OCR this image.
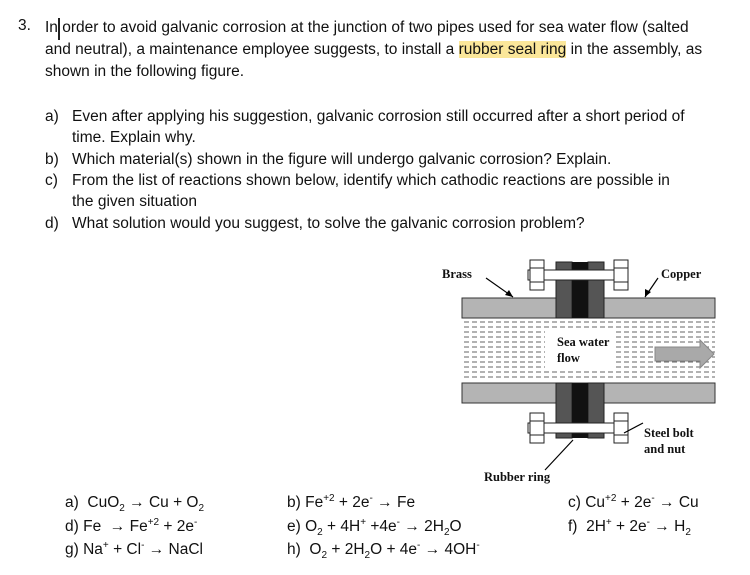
3. In order to avoid galvanic corrosion at the junction of two pipes used for sea water flow (salted
and neutral), a maintenance employee suggests, to install a rubber seal ring in the assembly, as
shown in the following figure.
a) Even after applying his suggestion, galvanic corrosion still occurred after a short period of
time. Explain why.
b) Which material(s) shown in the figure will undergo galvanic corrosion? Explain.
c) From the list of reactions shown below, identify which cathodic reactions are possible in
the given situation
d) What solution would you suggest, to solve the galvanic corrosion problem?
Brass	Copper
Sea water
flow
Steel bolt
and nut
Rubber ring
a)  $CuO_2 \to Cu + O_2$
d) $Fe \to Fe^{+2} + 2e^-$
g) Na+ + Cl- → NaCl
b) $Fe^{+2} + 2e^- \to Fe$
e) $O_2 + 4H^+ +4e^- \to 2H_2O$
h)  $O_2 + 2H_2O + 4e^- \to 4OH^-$
c) $Cu^{+2} + 2e^- \to Cu$
f)  $2H^+ + 2e^- \to H_2$
